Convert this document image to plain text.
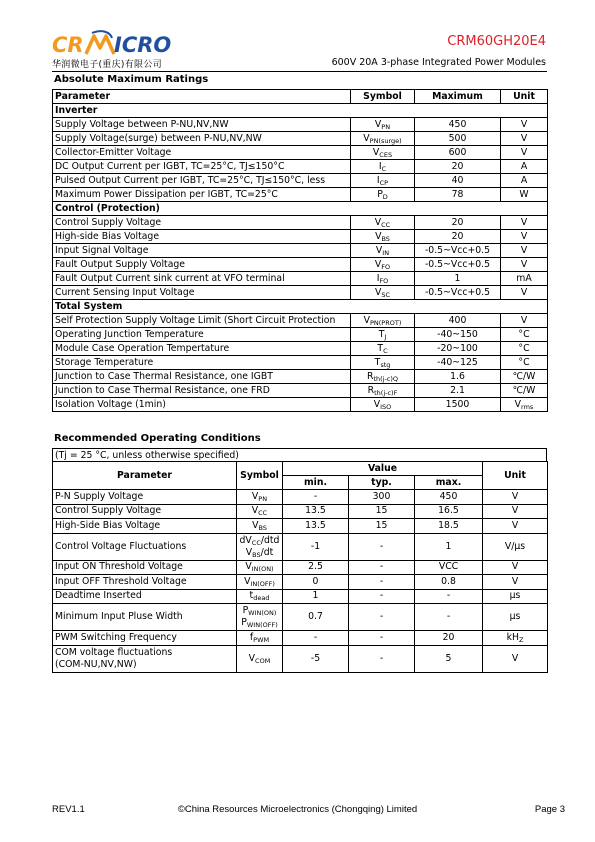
CR ICRO
华润微电子(重庆)有限公司
CRM60GH20E4
600V 20A 3-phase Integrated Power Modules
Absolute Maximum Ratings
Parameter	Symbol	Maximum	Unit
Inverter			
Supply Voltage between P-NU,NV,NW	$V_{PN}$	450	V
Supply Voltage(surge) between P-NU,NV,NW	$V_{PN(surge)}$	500	V
Collector-Emitter Voltage	$V_{CES}$	600	V
DC Output Current per IGBT, TC=25°C, TJ≤150°C	$I_C$	20	A
Pulsed Output Current per IGBT, TC=25°C, TJ≤150°C, less	$I_{CP}$	40	A
Maximum Power Dissipation per IGBT, TC=25°C	$P_D$	78	W
Control (Protection)			
Control Supply Voltage	$V_{CC}$	20	V
High-side Bias Voltage	$V_{BS}$	20	V
Input Signal Voltage	$V_{IN}$	-0.5~Vcc+0.5	V
Fault Output Supply Voltage	$V_{FO}$	-0.5~Vcc+0.5	V
Fault Output Current sink current at VFO terminal	$I_{FO}$	1	mA
Current Sensing Input Voltage	$V_{SC}$	-0.5~Vcc+0.5	V
Total System			
Self Protection Supply Voltage Limit (Short Circuit Protection	$V_{PN(PROT)}$	400	V
Operating Junction Temperature	$T_J$	-40~150	°C
Module Case Operation Tempertature	$T_C$	-20~100	°C
Storage Temperature	$T_{stg}$	-40~125	°C
Junction to Case Thermal Resistance, one IGBT	$R_{th(j-c)Q}$	1.6	℃/W
Junction to Case Thermal Resistance, one FRD	$R_{th(j-c)F}$	2.1	℃/W
Isolation Voltage (1min)	$V_{ISO}$	1500	$V_{rms}$
Recommended Operating Conditions
(Tj = 25 °C, unless otherwise specified)
Parameter	Symbol	Value			Unit
		min.	typ.	max.	

P-N Supply Voltage	$V_{PN}$	-	300	450	V

Control Supply Voltage	$V_{CC}$	13.5	15	16.5	V

High-Side Bias Voltage	$V_{BS}$	13.5	15	18.5	V

Control Voltage Fluctuations	$dV_{CC}$/dtd
$V_{BS}/dt$	-1	-	1	V/μs

Input ON Threshold Voltage	$V_{IN(ON)}$	2.5	-	VCC	V

Input OFF Threshold Voltage	$V_{IN(OFF)}$	0	-	0.8	V

Deadtime Inserted	$t_{dead}$	1	-	-	μs

Minimum Input Pluse Width	$P_{WIN(ON)}$
$P_{WIN(OFF)}$	0.7	-	-	μs

PWM Switching Frequency	$f_{PWM}$	-	-	20	$kH_Z$

COM voltage fluctuations
(COM-NU,NV,NW)	$V_{COM}$	-5	-	5	V
REV1.1	©China Resources Microelectronics (Chongqing) Limited	Page 3
